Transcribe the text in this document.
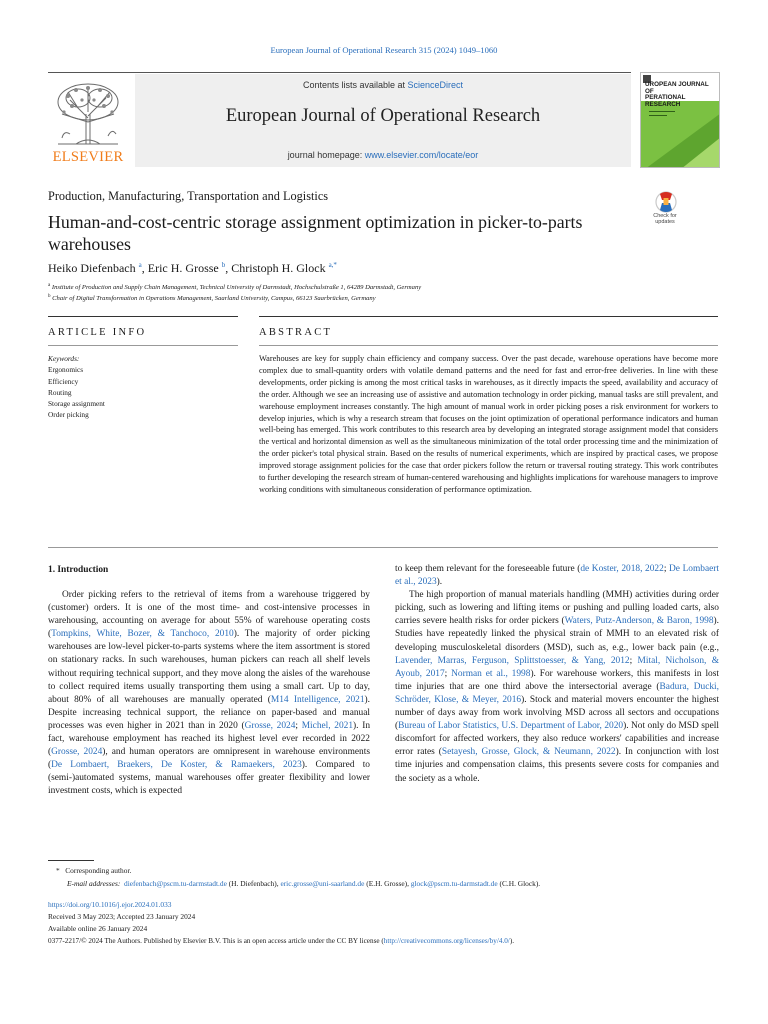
European Journal of Operational Research 315 (2024) 1049–1060
ELSEVIER
Contents lists available at ScienceDirect
European Journal of Operational Research
journal homepage: www.elsevier.com/locate/eor
UROPEAN JOURNAL OF
PERATIONAL RESEARCH
Production, Manufacturing, Transportation and Logistics
Human-and-cost-centric storage assignment optimization in picker-to-parts
warehouses
Check for
updates
Heiko Diefenbach $^a$, Eric H. Grosse $^b$, Christoph H. Glock $^{a,*}$
$^a$ Institute of Production and Supply Chain Management, Technical University of Darmstadt, Hochschulstraße 1, 64289 Darmstadt, Germany
$^b$ Chair of Digital Transformation in Operations Management, Saarland University, Campus, 66123 Saarbrücken, Germany
ARTICLE INFO	ABSTRACT
Keywords:
Ergonomics
Efficiency
Routing
Storage assignment
Order picking
Warehouses are key for supply chain efficiency and company success. Over the past decade, warehouse operations have become more complex due to small-quantity orders with volatile demand patterns and the need for fast and error-free deliveries. In line with these developments, order picking is among the most critical tasks in warehouses, as it directly impacts the speed, availability and accuracy of the order. Although we see an increasing use of assistive and automation technology in order picking, manual tasks are still prevalent, and warehouse employment increases constantly. The high amount of manual work in order picking poses a risk environment for workers to develop injuries, which is why a research stream that focuses on the joint optimization of operational performance indicators and human well-being has emerged. This work contributes to this research area by developing an integrated storage assignment model that considers the vertical and horizontal dimension as well as the simultaneous minimization of the total order processing time and the minimization of the order picker's total physical strain. Based on the results of numerical experiments, which are inspired by practical cases, we propose improved storage assignment policies for the case that order pickers follow the return or traversal routing strategy. This work contributes to further developing the research stream of human-centered warehousing and highlights implications for warehouse managers to improve working conditions with simultaneous consideration of performance optimization.
1. Introduction

Order picking refers to the retrieval of items from a warehouse triggered by (customer) orders. It is one of the most time- and cost-intensive processes in warehousing, accounting on average for about 55% of warehouse operating costs (Tompkins, White, Bozer, & Tanchoco, 2010). The majority of order picking warehouses are low-level picker-to-parts systems where the item assortment is stored on stationary racks. In such warehouses, human pickers can reach all shelf levels without requiring technical support, and they move along the aisles of the warehouse to collect required items usually transporting them using a small cart. Up to day, about 80% of all warehouses are manually operated (M14 Intelligence, 2021). Despite increasing technical support, the reliance on paper-based and manual processes was even higher in 2021 than in 2020 (Grosse, 2024; Michel, 2021). In fact, warehouse employment has reached its highest level ever recorded in 2022 (Grosse, 2024), and human operators are omnipresent in warehouse environments (De Lombaert, Braekers, De Koster, & Ramaekers, 2023). Compared to (semi-)automated systems, manual warehouses offer greater flexibility and lower investment costs, which is expected

to keep them relevant for the foreseeable future (de Koster, 2018, 2022; De Lombaert et al., 2023).

The high proportion of manual materials handling (MMH) activities during order picking, such as lowering and lifting items or pushing and pulling loaded carts, also carries severe health risks for order pickers (Waters, Putz-Anderson, & Baron, 1998). Studies have repeatedly linked the physical strain of MMH to an elevated risk of developing musculoskeletal disorders (MSD), such as, e.g., lower back pain (e.g., Lavender, Marras, Ferguson, Splittstoesser, & Yang, 2012; Mital, Nicholson, & Ayoub, 2017; Norman et al., 1998). For warehouse workers, this manifests in lost time injuries that are one third above the intersectorial average (Badura, Ducki, Schröder, Klose, & Meyer, 2016). Stock and material movers encounter the highest number of days away from work involving MSD across all sectors and occupations (Bureau of Labor Statistics, U.S. Department of Labor, 2020). Not only do MSD spell discomfort for affected workers, they also reduce workers' capabilities and increase error rates (Setayesh, Grosse, Glock, & Neumann, 2022). In conjunction with lost time injuries and compensation claims, this presents severe costs for companies and the society as a whole.

* Corresponding author.
E-mail addresses: diefenbach@pscm.tu-darmstadt.de (H. Diefenbach), eric.grosse@uni-saarland.de (E.H. Grosse), glock@pscm.tu-darmstadt.de (C.H. Glock).
https://doi.org/10.1016/j.ejor.2024.01.033
Received 3 May 2023; Accepted 23 January 2024
Available online 26 January 2024
0377-2217/© 2024 The Authors. Published by Elsevier B.V. This is an open access article under the CC BY license (http://creativecommons.org/licenses/by/4.0/).
